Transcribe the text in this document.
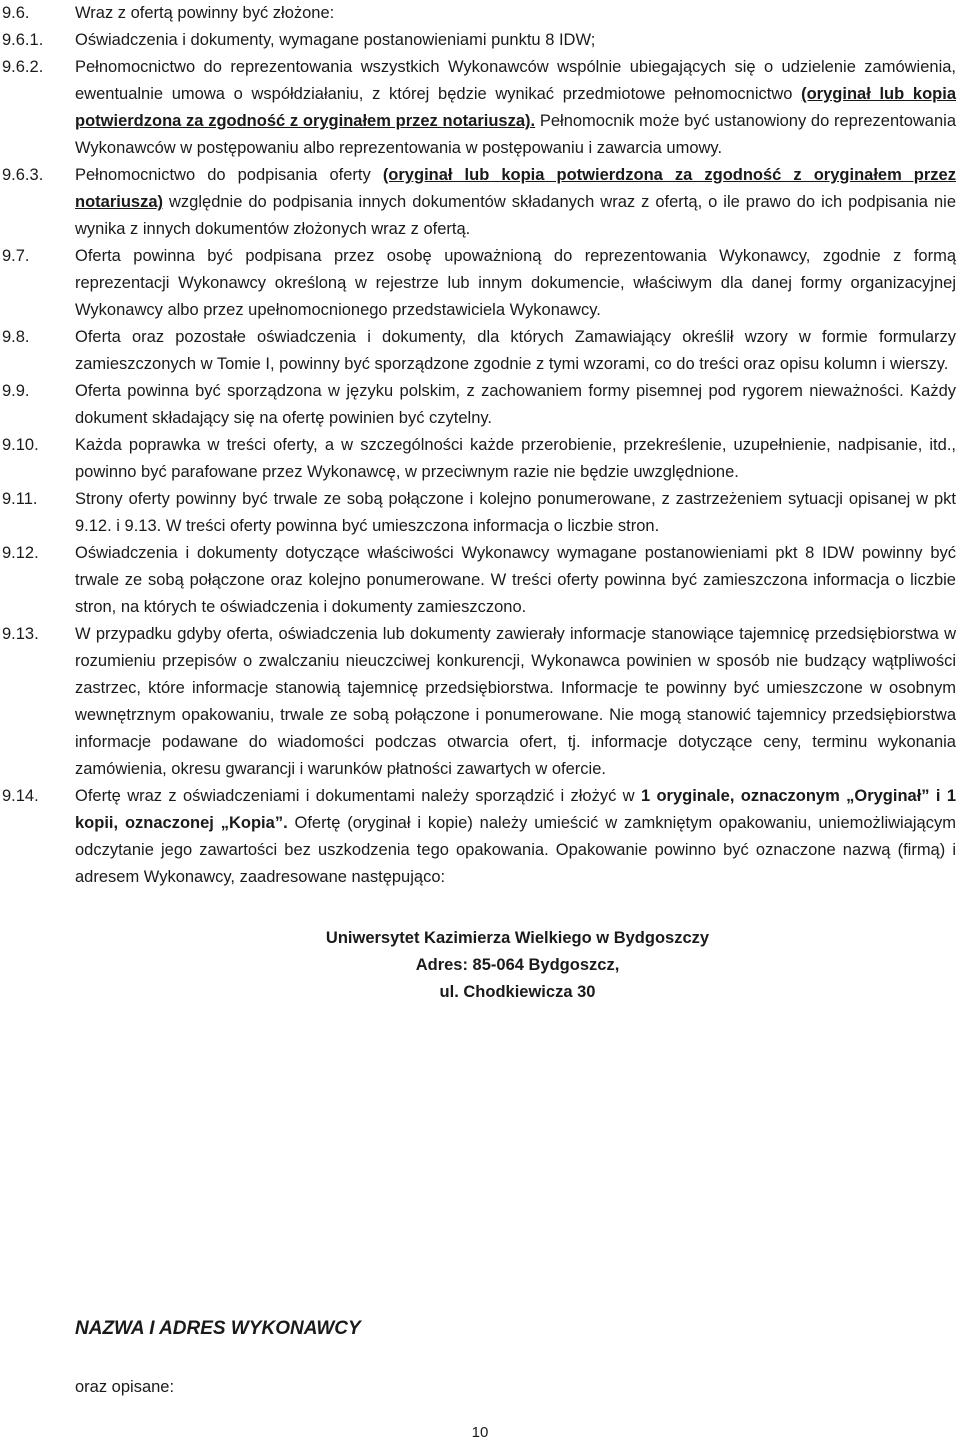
9.6.	Wraz z ofertą powinny być złożone:
9.6.1. Oświadczenia i dokumenty, wymagane postanowieniami punktu 8 IDW;
9.6.2. Pełnomocnictwo do reprezentowania wszystkich Wykonawców wspólnie ubiegających się o udzielenie zamówienia, ewentualnie umowa o współdziałaniu, z której będzie wynikać przedmiotowe pełnomocnictwo (oryginał lub kopia potwierdzona za zgodność z oryginałem przez notariusza). Pełnomocnik może być ustanowiony do reprezentowania Wykonawców w postępowaniu albo reprezentowania w postępowaniu i zawarcia umowy.
9.6.3. Pełnomocnictwo do podpisania oferty (oryginał lub kopia potwierdzona za zgodność z oryginałem przez notariusza) względnie do podpisania innych dokumentów składanych wraz z ofertą, o ile prawo do ich podpisania nie wynika z innych dokumentów złożonych wraz z ofertą.
9.7.	Oferta powinna być podpisana przez osobę upoważnioną do reprezentowania Wykonawcy, zgodnie z formą reprezentacji Wykonawcy określoną w rejestrze lub innym dokumencie, właściwym dla danej formy organizacyjnej Wykonawcy albo przez upełnomocnionego przedstawiciela Wykonawcy.
9.8.	Oferta oraz pozostałe oświadczenia i dokumenty, dla których Zamawiający określił wzory w formie formularzy zamieszczonych w Tomie I, powinny być sporządzone zgodnie z tymi wzorami, co do treści oraz opisu kolumn i wierszy.
9.9.	Oferta powinna być sporządzona w języku polskim, z zachowaniem formy pisemnej pod rygorem nieważności. Każdy dokument składający się na ofertę powinien być czytelny.
9.10. Każda poprawka w treści oferty, a w szczególności każde przerobienie, przekreślenie, uzupełnienie, nadpisanie, itd., powinno być parafowane przez Wykonawcę, w przeciwnym razie nie będzie uwzględnione.
9.11. Strony oferty powinny być trwale ze sobą połączone i kolejno ponumerowane, z zastrzeżeniem sytuacji opisanej w pkt 9.12. i 9.13. W treści oferty powinna być umieszczona informacja o liczbie stron.
9.12. Oświadczenia i dokumenty dotyczące właściwości Wykonawcy wymagane postanowieniami pkt 8 IDW powinny być trwale ze sobą połączone oraz kolejno ponumerowane. W treści oferty powinna być zamieszczona informacja o liczbie stron, na których te oświadczenia i dokumenty zamieszczono.
9.13. W przypadku gdyby oferta, oświadczenia lub dokumenty zawierały informacje stanowiące tajemnicę przedsiębiorstwa w rozumieniu przepisów o zwalczaniu nieuczciwej konkurencji, Wykonawca powinien w sposób nie budzący wątpliwości zastrzec, które informacje stanowią tajemnicę przedsiębiorstwa. Informacje te powinny być umieszczone w osobnym wewnętrznym opakowaniu, trwale ze sobą połączone i ponumerowane. Nie mogą stanowić tajemnicy przedsiębiorstwa informacje podawane do wiadomości podczas otwarcia ofert, tj. informacje dotyczące ceny, terminu wykonania zamówienia, okresu gwarancji i warunków płatności zawartych w ofercie.
9.14. Ofertę wraz z oświadczeniami i dokumentami należy sporządzić i złożyć w 1 oryginale, oznaczonym „Oryginał” i 1 kopii, oznaczonej „Kopia”. Ofertę (oryginał i kopie) należy umieścić w zamkniętym opakowaniu, uniemożliwiającym odczytanie jego zawartości bez uszkodzenia tego opakowania. Opakowanie powinno być oznaczone nazwą (firmą) i adresem Wykonawcy, zaadresowane następująco:
Uniwersytet Kazimierza Wielkiego w Bydgoszczy
Adres: 85-064 Bydgoszcz,
ul. Chodkiewicza 30
NAZWA I ADRES WYKONAWCY
oraz opisane:
10
